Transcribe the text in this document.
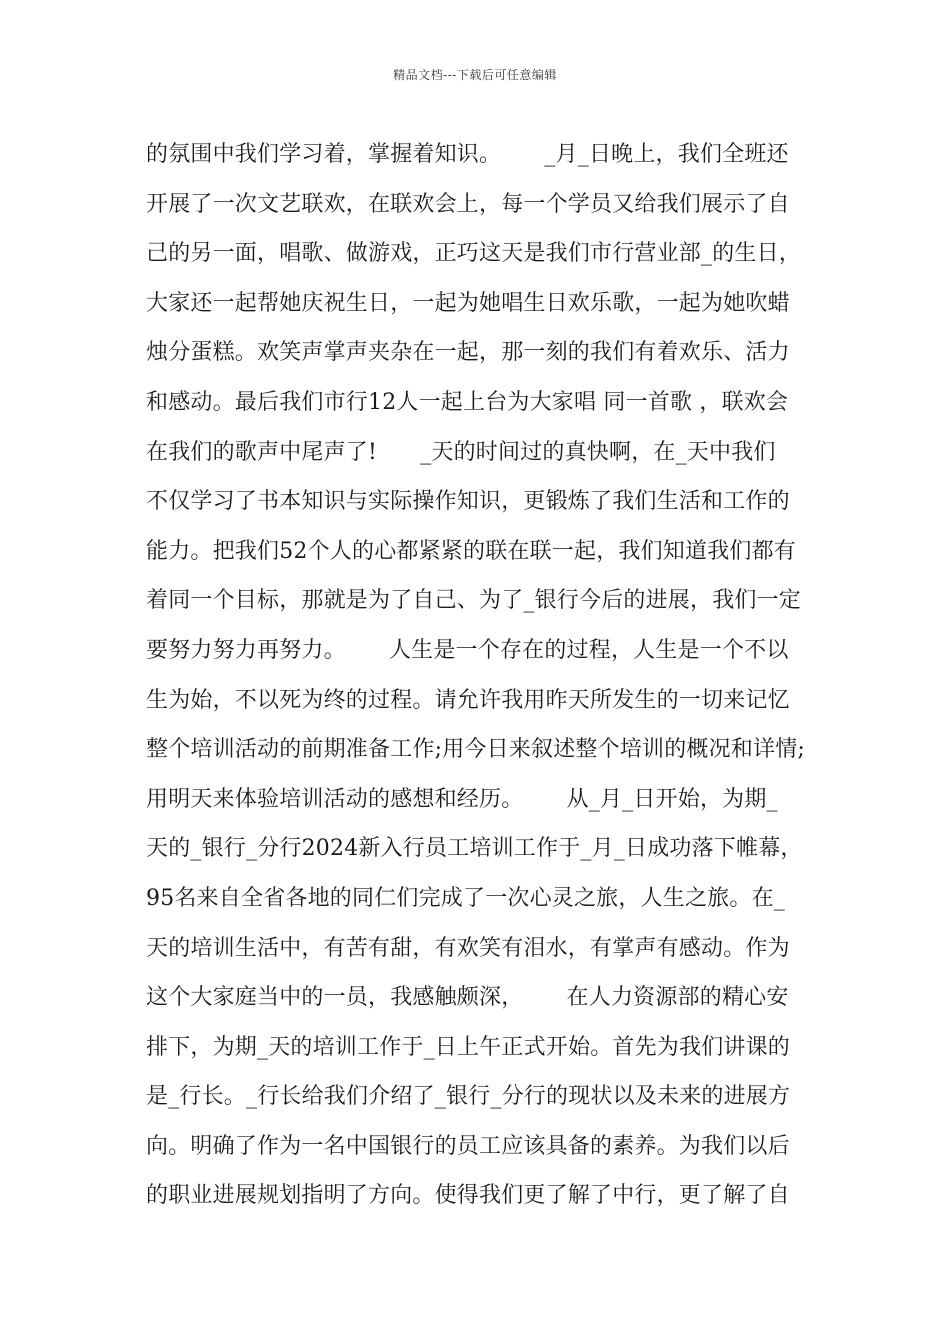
精品文档---下载后可任意编辑
的氛围中我们学习着，掌握着知识。      _月_日晚上，我们全班还
开展了一次文艺联欢，在联欢会上，每一个学员又给我们展示了自
己的另一面，唱歌、做游戏，正巧这天是我们市行营业部_的生日，
大家还一起帮她庆祝生日，一起为她唱生日欢乐歌，一起为她吹蜡
烛分蛋糕。欢笑声掌声夹杂在一起，那一刻的我们有着欢乐、活力
和感动。最后我们市行12人一起上台为大家唱 同一首歌 ，联欢会
在我们的歌声中尾声了!      _天的时间过的真快啊，在_天中我们
不仅学习了书本知识与实际操作知识，更锻炼了我们生活和工作的
能力。把我们52个人的心都紧紧的联在联一起，我们知道我们都有
着同一个目标，那就是为了自己、为了_银行今后的进展，我们一定
要努力努力再努力。      人生是一个存在的过程，人生是一个不以
生为始，不以死为终的过程。请允许我用昨天所发生的一切来记忆
整个培训活动的前期准备工作;用今日来叙述整个培训的概况和详情;
用明天来体验培训活动的感想和经历。      从_月_日开始，为期_
天的_银行_分行2024新入行员工培训工作于_月_日成功落下帷幕，
95名来自全省各地的同仁们完成了一次心灵之旅，人生之旅。在_
天的培训生活中，有苦有甜，有欢笑有泪水，有掌声有感动。作为
这个大家庭当中的一员，我感触颇深，      在人力资源部的精心安
排下，为期_天的培训工作于_日上午正式开始。首先为我们讲课的
是_行长。_行长给我们介绍了_银行_分行的现状以及未来的进展方
向。明确了作为一名中国银行的员工应该具备的素养。为我们以后
的职业进展规划指明了方向。使得我们更了解了中行，更了解了自
